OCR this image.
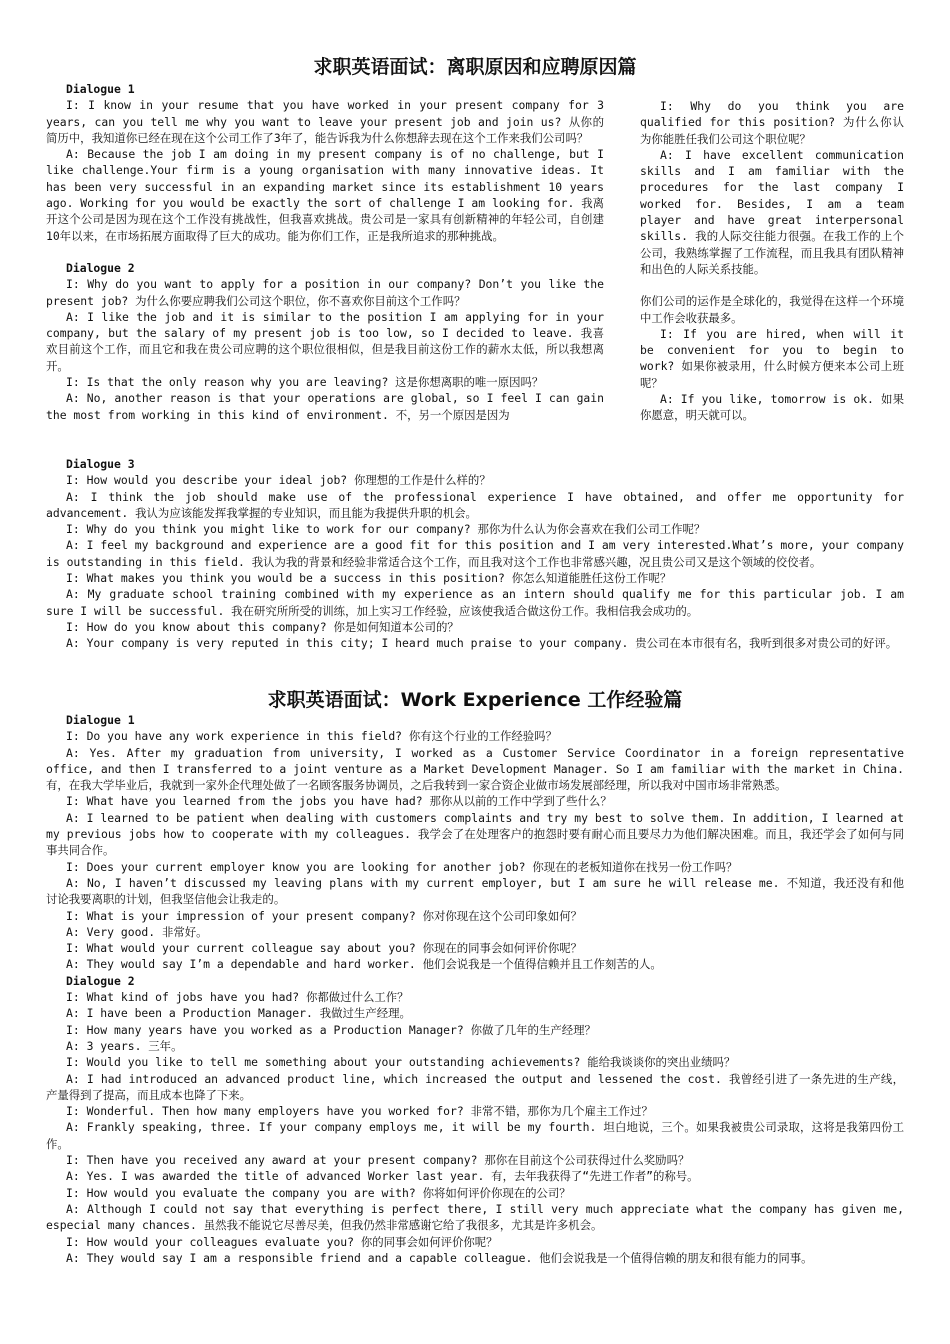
求职英语面试：离职原因和应聘原因篇

Dialogue 1

I: I know in your resume that you have worked in your present company for 3 years, can you tell me why you want to leave your present job and join us? 从你的简历中，我知道你已经在现在这个公司工作了3年了，能告诉我为什么你想辞去现在这个工作来我们公司吗？

A: Because the job I am doing in my present company is of no challenge, but I like challenge.Your firm is a young organisation with many innovative ideas. It has been very successful in an expanding market since its establishment 10 years ago. Working for you would be exactly the sort of challenge I am looking for. 我离开这个公司是因为现在这个工作没有挑战性，但我喜欢挑战。贵公司是一家具有创新精神的年轻公司，自创建10年以来，在市场拓展方面取得了巨大的成功。能为你们工作，正是我所追求的那种挑战。

Dialogue 2

I: Why do you want to apply for a position in our company? Don’t you like the present job? 为什么你要应聘我们公司这个职位，你不喜欢你目前这个工作吗？

A: I like the job and it is similar to the position I am applying for in your company, but the salary of my present job is too low, so I decided to leave. 我喜欢目前这个工作，而且它和我在贵公司应聘的这个职位很相似，但是我目前这份工作的薪水太低，所以我想离开。

I: Is that the only reason why you are leaving? 这是你想离职的唯一原因吗？

A: No, another reason is that your operations are global, so I feel I can gain the most from working in this kind of environment. 不，另一个原因是因为

I: Why do you think you are qualified for this position? 为什么你认为你能胜任我们公司这个职位呢？

A: I have excellent communication skills and I am familiar with the procedures for the last company I worked for. Besides, I am a team player and have great interpersonal skills. 我的人际交往能力很强。在我工作的上个公司，我熟练掌握了工作流程，而且我具有团队精神和出色的人际关系技能。

你们公司的运作是全球化的，我觉得在这样一个环境中工作会收获最多。

I: If you are hired, when will it be convenient for you to begin to work? 如果你被录用，什么时候方便来本公司上班呢？

A: If you like, tomorrow is ok. 如果你愿意，明天就可以。

Dialogue 3

I: How would you describe your ideal job? 你理想的工作是什么样的？

A: I think the job should make use of the professional experience I have obtained, and offer me opportunity for advancement. 我认为应该能发挥我掌握的专业知识，而且能为我提供升职的机会。

I: Why do you think you might like to work for our company? 那你为什么认为你会喜欢在我们公司工作呢？

A: I feel my background and experience are a good fit for this position and I am very interested.What’s more, your company is outstanding in this field. 我认为我的背景和经验非常适合这个工作，而且我对这个工作也非常感兴趣，况且贵公司又是这个领域的佼佼者。

I: What makes you think you would be a success in this position? 你怎么知道能胜任这份工作呢？

A: My graduate school training combined with my experience as an intern should qualify me for this particular job. I am sure I will be successful. 我在研究所所受的训练，加上实习工作经验，应该使我适合做这份工作。我相信我会成功的。

I: How do you know about this company? 你是如何知道本公司的？

A: Your company is very reputed in this city; I heard much praise to your company. 贵公司在本市很有名，我听到很多对贵公司的好评。

求职英语面试：Work Experience 工作经验篇

Dialogue 1

I: Do you have any work experience in this field? 你有这个行业的工作经验吗？

A: Yes. After my graduation from university, I worked as a Customer Service Coordinator in a foreign representative office, and then I transferred to a joint venture as a Market Development Manager. So I am familiar with the market in China. 有，在我大学毕业后，我就到一家外企代理处做了一名顾客服务协调员，之后我转到一家合资企业做市场发展部经理，所以我对中国市场非常熟悉。

I: What have you learned from the jobs you have had? 那你从以前的工作中学到了些什么？

A: I learned to be patient when dealing with customers complaints and try my best to solve them. In addition, I learned at my previous jobs how to cooperate with my colleagues. 我学会了在处理客户的抱怨时要有耐心而且要尽力为他们解决困难。而且，我还学会了如何与同事共同合作。

I: Does your current employer know you are looking for another job? 你现在的老板知道你在找另一份工作吗？

A: No, I haven’t discussed my leaving plans with my current employer, but I am sure he will release me. 不知道，我还没有和他讨论我要离职的计划，但我坚信他会让我走的。

I: What is your impression of your present company? 你对你现在这个公司印象如何？

A: Very good. 非常好。

I: What would your current colleague say about you? 你现在的同事会如何评价你呢？

A: They would say I’m a dependable and hard worker. 他们会说我是一个值得信赖并且工作刻苦的人。

Dialogue 2

I: What kind of jobs have you had? 你都做过什么工作？

A: I have been a Production Manager. 我做过生产经理。

I: How many years have you worked as a Production Manager? 你做了几年的生产经理？

A: 3 years. 三年。

I: Would you like to tell me something about your outstanding achievements? 能给我谈谈你的突出业绩吗？

A: I had introduced an advanced product line, which increased the output and lessened the cost. 我曾经引进了一条先进的生产线，产量得到了提高，而且成本也降了下来。

I: Wonderful. Then how many employers have you worked for? 非常不错，那你为几个雇主工作过？

A: Frankly speaking, three. If your company employs me, it will be my fourth. 坦白地说，三个。如果我被贵公司录取，这将是我第四份工作。

I: Then have you received any award at your present company? 那你在目前这个公司获得过什么奖励吗？

A: Yes. I was awarded the title of advanced Worker last year. 有，去年我获得了“先进工作者”的称号。

I: How would you evaluate the company you are with? 你将如何评价你现在的公司？

A: Although I could not say that everything is perfect there, I still very much appreciate what the company has given me, especial many chances. 虽然我不能说它尽善尽美，但我仍然非常感谢它给了我很多，尤其是许多机会。

I: How would your colleagues evaluate you? 你的同事会如何评价你呢？

A: They would say I am a responsible friend and a capable colleague. 他们会说我是一个值得信赖的朋友和很有能力的同事。
